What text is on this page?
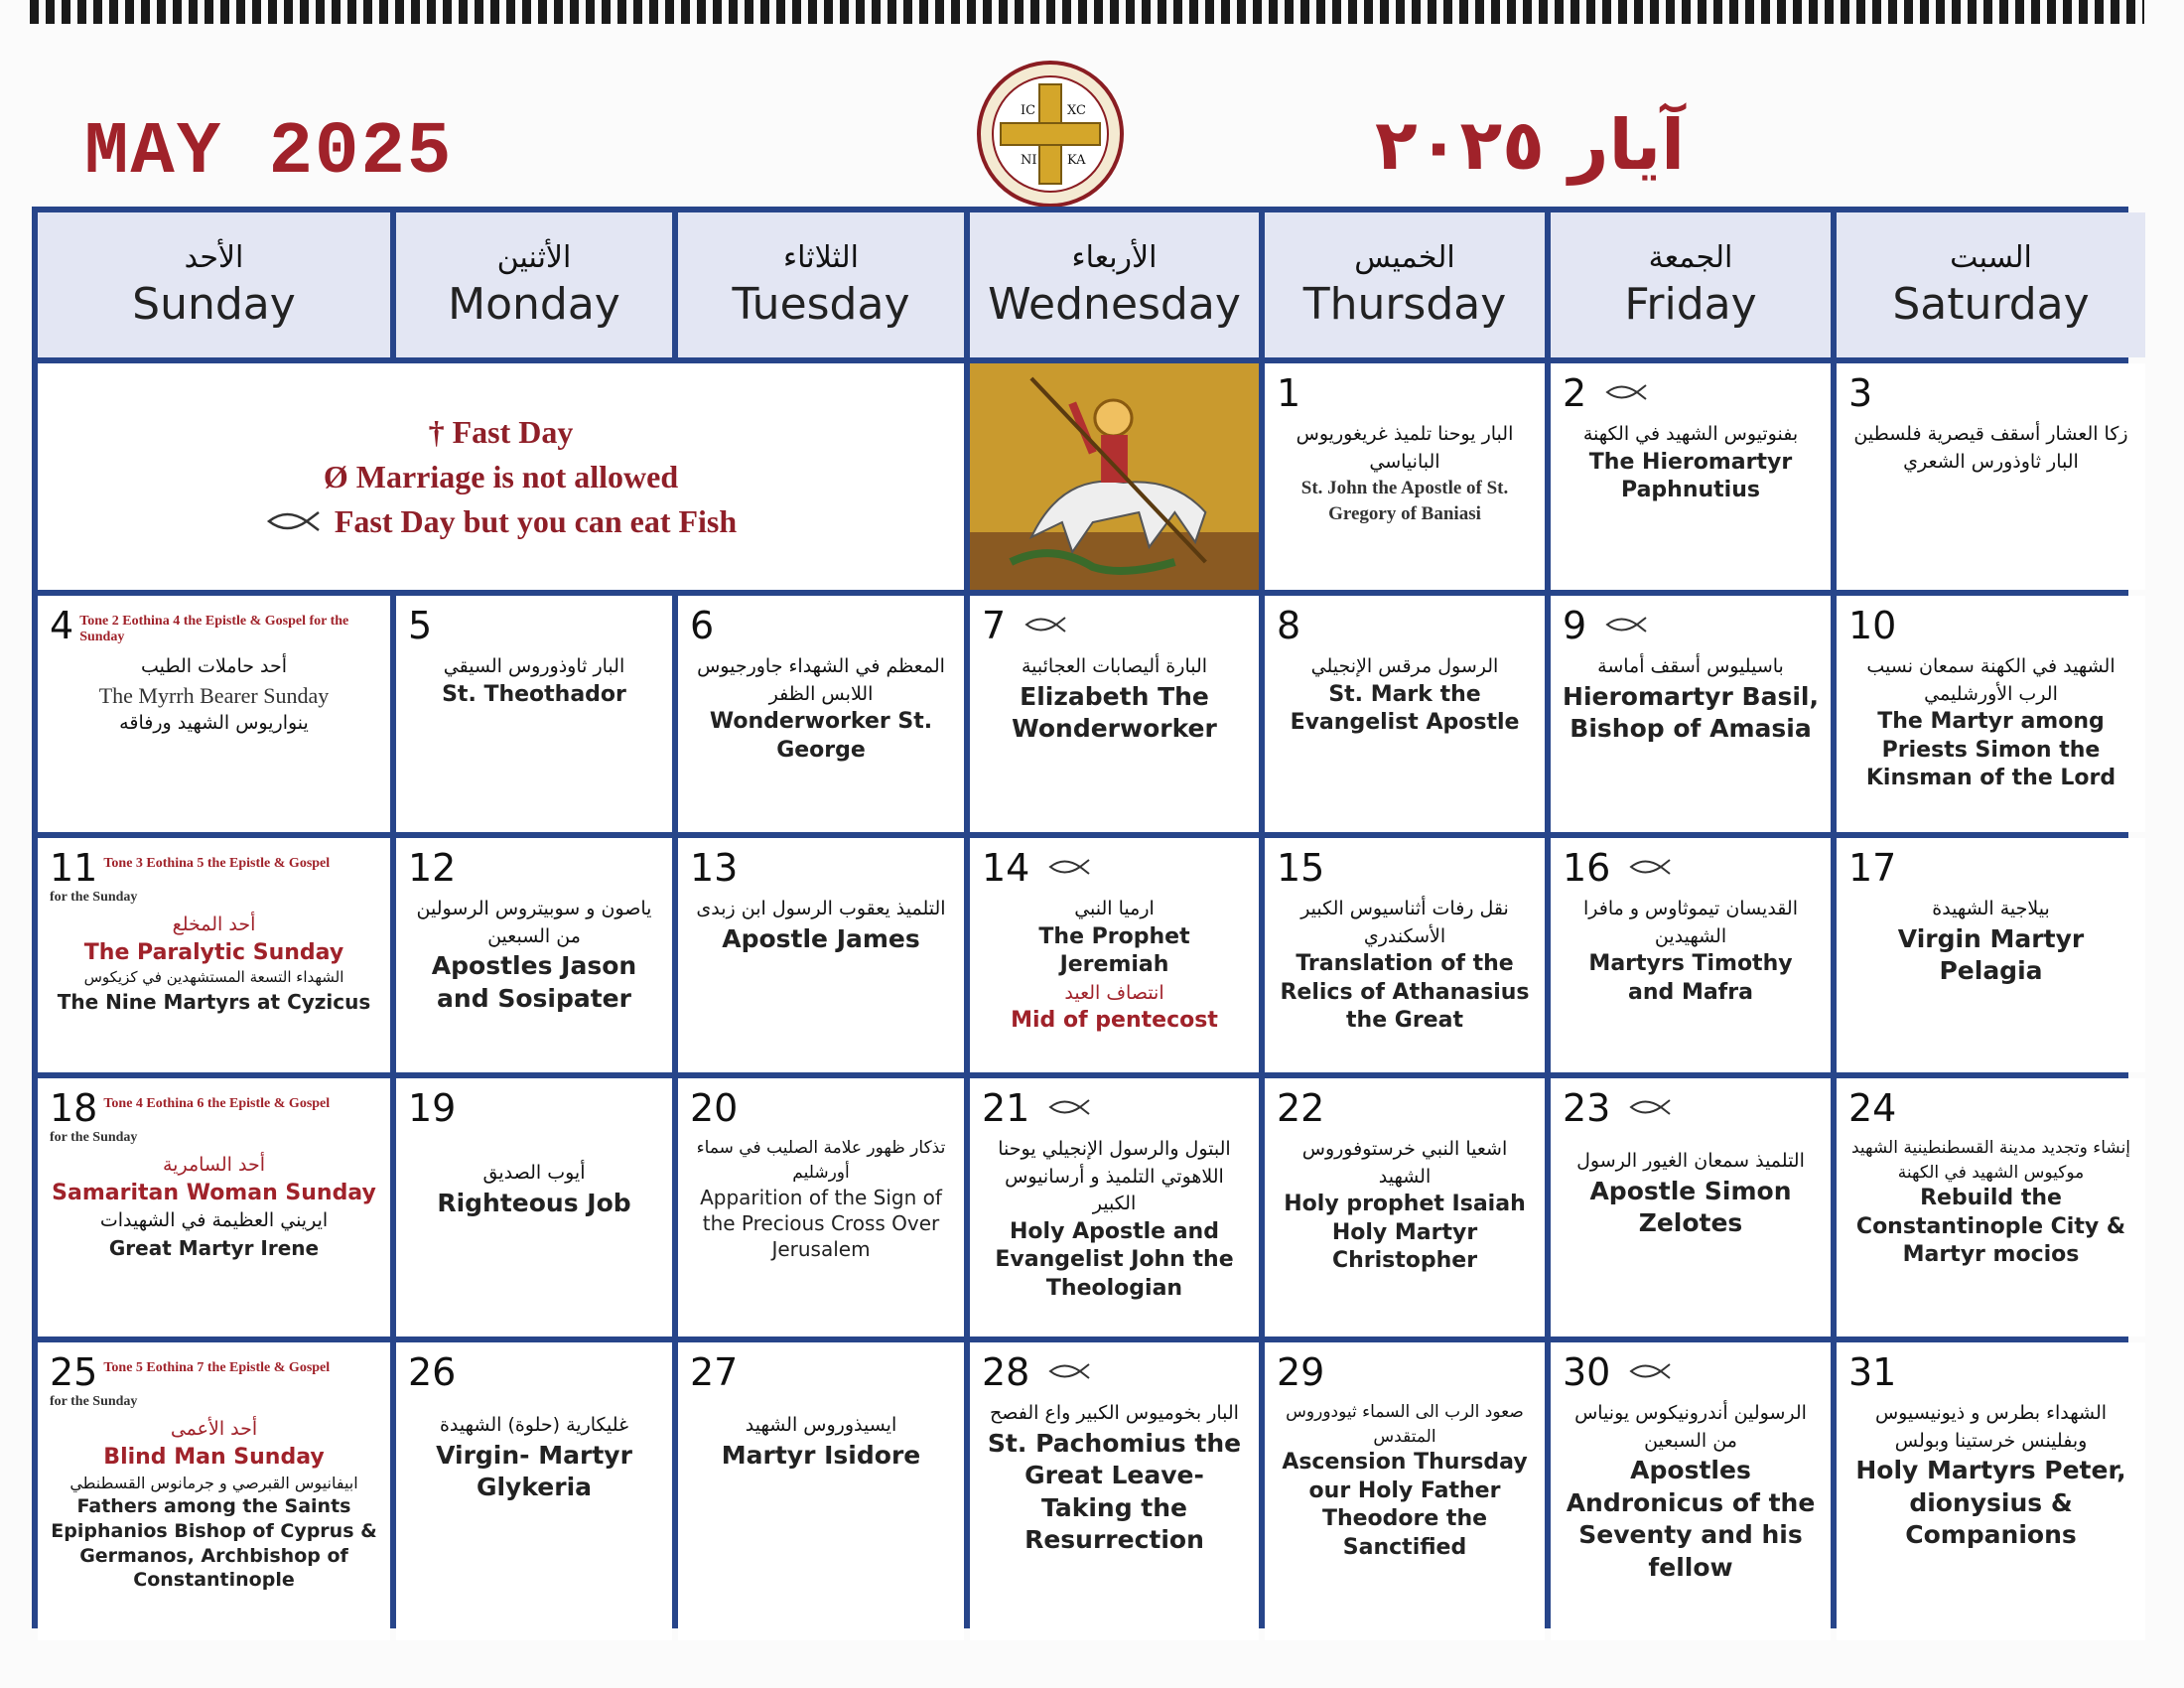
MAY 2025
IC XC
NI KA	آيار ٢٠٢٥
الأحد
Sunday
الأثنين
Monday
الثلاثاء
Tuesday
الأربعاء
Wednesday
الخميس
Thursday
الجمعة
Friday
السبت
Saturday
† Fast Day
Ø Marriage is not allowed
Fast Day but you can eat Fish
1
البار يوحنا تلميذ غريغوريوس البانياسي
St. John the Apostle of St. Gregory of Baniasi
2
بفنوتيوس الشهيد في الكهنة
The Hieromartyr Paphnutius
3
زكا العشار أسقف قيصرية فلسطين البار ثاوذورس الشعري
4 Tone 2 Eothina 4 the Epistle & Gospel for the Sunday
أحد حاملات الطيب
The Myrrh Bearer Sunday
ينواريوس الشهيد ورفاقه
5
البار ثاوذوروس السيقي
St. Theothador
6
المعظم في الشهداء جاورجيوس اللابس الظفر
Wonderworker St. George
7
البارة أليصابات العجائبية
Elizabeth The Wonderworker
8
الرسول مرقس الإنجيلي
St. Mark the Evangelist Apostle
9
باسيليوس أسقف أماسة
Hieromartyr Basil, Bishop of Amasia
10
الشهيد في الكهنة سمعان نسيب الرب الأورشليمي
The Martyr among Priests Simon the Kinsman of the Lord
11 Tone 3 Eothina 5 the Epistle & Gospel
for the Sunday
أحد المخلع
The Paralytic Sunday
الشهداء التسعة المستشهدين في كزيكوس
The Nine Martyrs at Cyzicus
12
ياصون و سوبيتروس الرسولين من السبعين
Apostles Jason and Sosipater
13
التلميذ يعقوب الرسول ابن زبدى
Apostle James
14
ارميا النبي
The Prophet Jeremiah
انتصاف العيد
Mid of pentecost
15
نقل رفات أثناسيوس الكبير الأسكندري
Translation of the Relics of Athanasius the Great
16
القديسان تيموثاوس و مافرا الشهيدين
Martyrs Timothy and Mafra
17
بيلاجية الشهيدة
Virgin Martyr Pelagia
18 Tone 4 Eothina 6 the Epistle & Gospel
for the Sunday
أحد السامرية
Samaritan Woman Sunday
ايريني العظيمة في الشهيدات
Great Martyr Irene
19
أيوب الصديق
Righteous Job
20
تذكار ظهور علامة الصليب في سماء أورشليم
Apparition of the Sign of the Precious Cross Over Jerusalem
21
البتول والرسول الإنجيلي يوحنا اللاهوتي التلميذ و أرسانيوس الكبير
Holy Apostle and Evangelist John the Theologian
22
اشعيا النبي خرستوفوروس الشهيد
Holy prophet Isaiah Holy Martyr Christopher
23
التلميذ سمعان الغيور الرسول
Apostle Simon Zelotes
24
إنشاء وتجديد مدينة القسطنطينية الشهيد موكيوس الشهيد في الكهنة
Rebuild the Constantinople City & Martyr mocios
25 Tone 5 Eothina 7 the Epistle & Gospel
for the Sunday
أحد الأعمى
Blind Man Sunday
ابيفانيوس القبرصي و جرمانوس القسطنطي
Fathers among the Saints Epiphanios Bishop of Cyprus & Germanos, Archbishop of Constantinople
26
غليكارية (حلوة) الشهيدة
Virgin- Martyr Glykeria
27
ايسيذوروس الشهيد
Martyr Isidore
28
البار بخوميوس الكبير واع الفصح
St. Pachomius the Great Leave-Taking the Resurrection
29
صعود الرب الى السماء ثيودوروس المتقدس
Ascension Thursday our Holy Father Theodore the Sanctified
30
الرسولين أندرونيكوس يونياس من السبعين
Apostles Andronicus of the Seventy and his fellow
31
الشهداء بطرس و ذيونيسيوس وبفلينس خرستينا وبولس
Holy Martyrs Peter, dionysius & Companions
